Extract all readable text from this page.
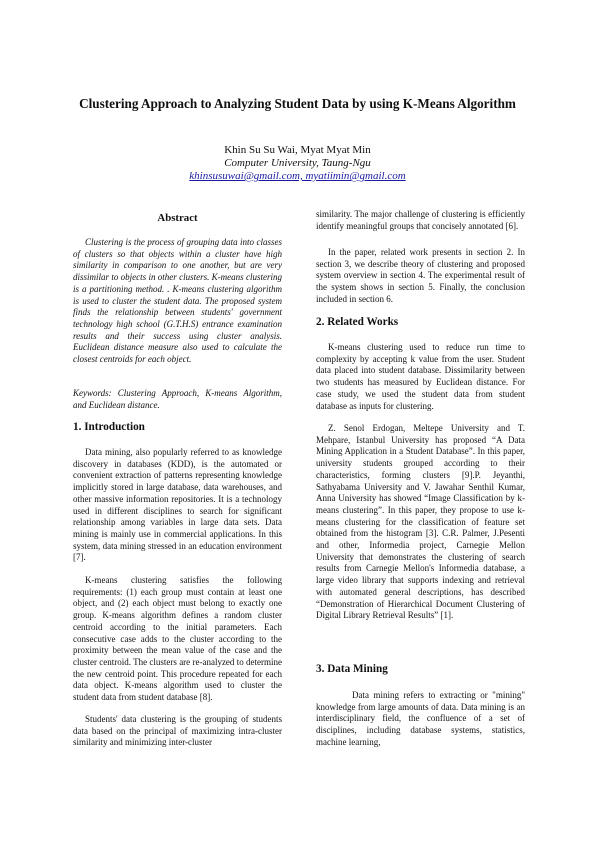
Clustering Approach to Analyzing Student Data by using K-Means Algorithm
Khin Su Su Wai, Myat Myat Min
Computer University, Taung-Ngu
khinsusuwai@gmail.com, myatiimin@gmail.com
Abstract
Clustering is the process of grouping data into classes of clusters so that objects within a cluster have high similarity in comparison to one another, but are very dissimilar to objects in other clusters. K-means clustering is a partitioning method. . K-means clustering algorithm is used to cluster the student data. The proposed system finds the relationship between students' government technology high school (G.T.H.S) entrance examination results and their success using cluster analysis. Euclidean distance measure also used to calculate the closest centroids for each object.
Keywords: Clustering Approach, K-means Algorithm, and Euclidean distance.
1. Introduction
Data mining, also popularly referred to as knowledge discovery in databases (KDD), is the automated or convenient extraction of patterns representing knowledge implicitly stored in large database, data warehouses, and other massive information repositories. It is a technology used in different disciplines to search for significant relationship among variables in large data sets. Data mining is mainly use in commercial applications. In this system, data mining stressed in an education environment [7].
K-means clustering satisfies the following requirements: (1) each group must contain at least one object, and (2) each object must belong to exactly one group. K-means algorithm defines a random cluster centroid according to the initial parameters. Each consecutive case adds to the cluster according to the proximity between the mean value of the case and the cluster centroid. The clusters are re-analyzed to determine the new centroid point. This procedure repeated for each data object. K-means algorithm used to cluster the student data from student database [8].
Students' data clustering is the grouping of students data based on the principal of maximizing intra-cluster similarity and minimizing inter-cluster
similarity. The major challenge of clustering is efficiently identify meaningful groups that concisely annotated [6].
In the paper, related work presents in section 2. In section 3, we describe theory of clustering and proposed system overview in section 4. The experimental result of the system shows in section 5. Finally, the conclusion included in section 6.
2. Related Works
K-means clustering used to reduce run time to complexity by accepting k value from the user. Student data placed into student database. Dissimilarity between two students has measured by Euclidean distance. For case study, we used the student data from student database as inputs for clustering.
Z. Senol Erdogan, Meltepe University and T. Mehpare, Istanbul University has proposed “A Data Mining Application in a Student Database”. In this paper, university students grouped according to their characteristics, forming clusters [9].P. Jeyanthi, Sathyabama University and V. Jawahar Senthil Kumar, Anna University has showed “Image Classification by k-means clustering”. In this paper, they propose to use k-means clustering for the classification of feature set obtained from the histogram [3]. C.R. Palmer, J.Pesenti and other, Informedia project, Carnegie Mellon University that demonstrates the clustering of search results from Carnegie Mellon's Informedia database, a large video library that supports indexing and retrieval with automated general descriptions, has described “Demonstration of Hierarchical Document Clustering of Digital Library Retrieval Results” [1].
3. Data Mining
Data mining refers to extracting or "mining" knowledge from large amounts of data. Data mining is an interdisciplinary field, the confluence of a set of disciplines, including database systems, statistics, machine learning,
